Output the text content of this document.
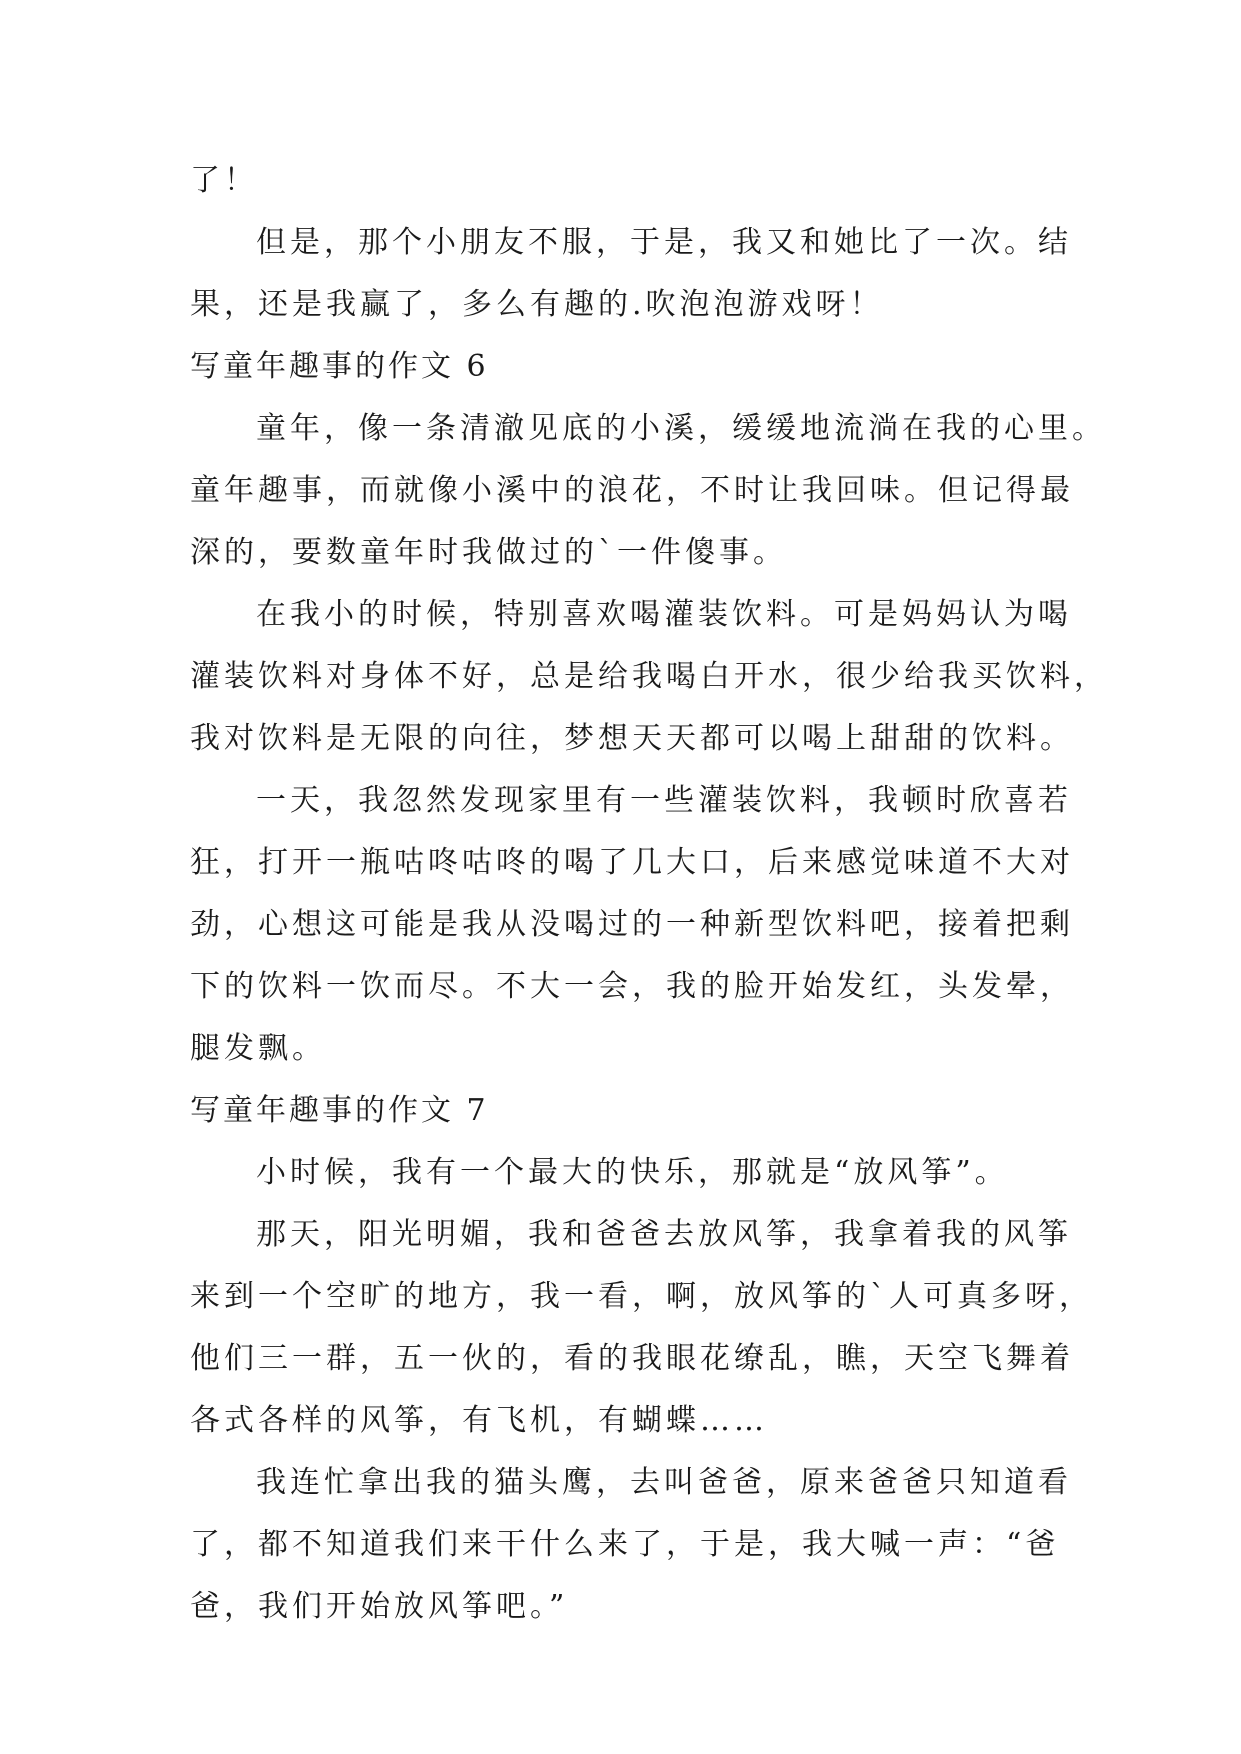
了！
但是，那个小朋友不服，于是，我又和她比了一次。结
果，还是我赢了，多么有趣的.吹泡泡游戏呀！
写童年趣事的作文 6
童年，像一条清澈见底的小溪，缓缓地流淌在我的心里。
童年趣事，而就像小溪中的浪花，不时让我回味。但记得最
深的，要数童年时我做过的`一件傻事。
在我小的时候，特别喜欢喝灌装饮料。可是妈妈认为喝
灌装饮料对身体不好，总是给我喝白开水，很少给我买饮料，
我对饮料是无限的向往，梦想天天都可以喝上甜甜的饮料。
一天，我忽然发现家里有一些灌装饮料，我顿时欣喜若
狂，打开一瓶咕咚咕咚的喝了几大口，后来感觉味道不大对
劲，心想这可能是我从没喝过的一种新型饮料吧，接着把剩
下的饮料一饮而尽。不大一会，我的脸开始发红，头发晕，
腿发飘。
写童年趣事的作文 7
小时候，我有一个最大的快乐，那就是“放风筝”。
那天，阳光明媚，我和爸爸去放风筝，我拿着我的风筝
来到一个空旷的地方，我一看，啊，放风筝的`人可真多呀，
他们三一群，五一伙的，看的我眼花缭乱，瞧，天空飞舞着
各式各样的风筝，有飞机，有蝴蝶……
我连忙拿出我的猫头鹰，去叫爸爸，原来爸爸只知道看
了，都不知道我们来干什么来了，于是，我大喊一声：“爸
爸，我们开始放风筝吧。”
